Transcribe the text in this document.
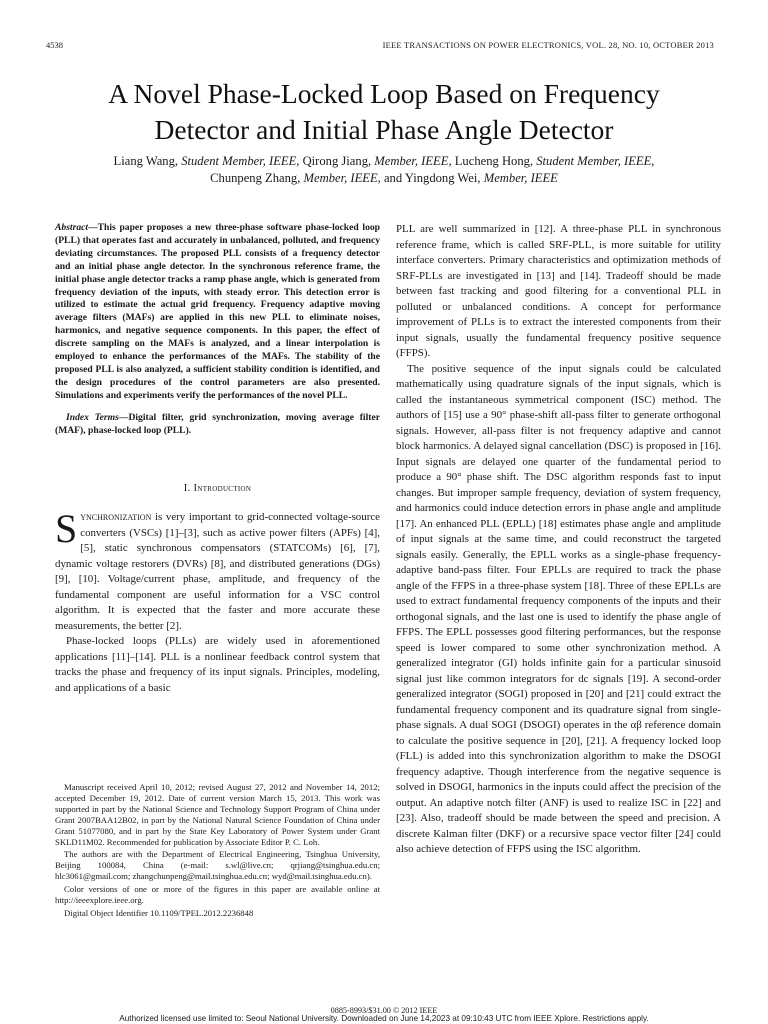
4538	IEEE TRANSACTIONS ON POWER ELECTRONICS, VOL. 28, NO. 10, OCTOBER 2013
A Novel Phase-Locked Loop Based on Frequency
Detector and Initial Phase Angle Detector
Liang Wang, Student Member, IEEE, Qirong Jiang, Member, IEEE, Lucheng Hong, Student Member, IEEE,
Chunpeng Zhang, Member, IEEE, and Yingdong Wei, Member, IEEE

Abstract—This paper proposes a new three-phase software phase-locked loop (PLL) that operates fast and accurately in unbalanced, polluted, and frequency deviating circumstances. The proposed PLL consists of a frequency detector and an initial phase angle detector. In the synchronous reference frame, the initial phase angle detector tracks a ramp phase angle, which is generated from frequency deviation of the inputs, with steady error. This detection error is utilized to estimate the actual grid frequency. Frequency adaptive moving average filters (MAFs) are applied in this new PLL to eliminate noises, harmonics, and negative sequence components. In this paper, the effect of discrete sampling on the MAFs is analyzed, and a linear interpolation is employed to enhance the performances of the MAFs. The stability of the proposed PLL is also analyzed, a sufficient stability condition is identified, and the design procedures of the control parameters are also presented. Simulations and experiments verify the performances of the novel PLL.

Index Terms—Digital filter, grid synchronization, moving average filter (MAF), phase-locked loop (PLL).

I. Introduction

Synchronization is very important to grid-connected voltage-source converters (VSCs) [1]–[3], such as active power filters (APFs) [4], [5], static synchronous compensators (STATCOMs) [6], [7], dynamic voltage restorers (DVRs) [8], and distributed generations (DGs) [9], [10]. Voltage/current phase, amplitude, and frequency of the fundamental component are useful information for a VSC control algorithm. It is expected that the faster and more accurate these measurements, the better [2].

Phase-locked loops (PLLs) are widely used in aforementioned applications [11]–[14]. PLL is a nonlinear feedback control system that tracks the phase and frequency of its input signals. Principles, modeling, and applications of a basic

Manuscript received April 10, 2012; revised August 27, 2012 and November 14, 2012; accepted December 19, 2012. Date of current version March 15, 2013. This work was supported in part by the National Science and Technology Support Program of China under Grant 2007BAA12B02, in part by the National Natural Science Foundation of China under Grant 51077080, and in part by the State Key Laboratory of Power System under Grant SKLD11M02. Recommended for publication by Associate Editor P. C. Loh.

The authors are with the Department of Electrical Engineering, Tsinghua University, Beijing 100084, China (e-mail: s.wl@live.cn; qrjiang@tsinghua.edu.cn; hlc3061@gmail.com; zhangchunpeng@mail.tsinghua.edu.cn; wyd@mail.tsinghua.edu.cn).

Color versions of one or more of the figures in this paper are available online at http://ieeexplore.ieee.org.

Digital Object Identifier 10.1109/TPEL.2012.2236848

PLL are well summarized in [12]. A three-phase PLL in synchronous reference frame, which is called SRF-PLL, is more suitable for utility interface converters. Primary characteristics and optimization methods of SRF-PLLs are investigated in [13] and [14]. Tradeoff should be made between fast tracking and good filtering for a conventional PLL in polluted or unbalanced conditions. A concept for performance improvement of PLLs is to extract the interested components from their input signals, usually the fundamental frequency positive sequence (FFPS).

The positive sequence of the input signals could be calculated mathematically using quadrature signals of the input signals, which is called the instantaneous symmetrical component (ISC) method. The authors of [15] use a 90° phase-shift all-pass filter to generate orthogonal signals. However, all-pass filter is not frequency adaptive and cannot block harmonics. A delayed signal cancellation (DSC) is proposed in [16]. Input signals are delayed one quarter of the fundamental period to produce a 90° phase shift. The DSC algorithm responds fast to input changes. But improper sample frequency, deviation of system frequency, and harmonics could induce detection errors in phase angle and amplitude [17]. An enhanced PLL (EPLL) [18] estimates phase angle and amplitude of input signals at the same time, and could reconstruct the targeted signals easily. Generally, the EPLL works as a single-phase frequency-adaptive band-pass filter. Four EPLLs are required to track the phase angle of the FFPS in a three-phase system [18]. Three of these EPLLs are used to extract fundamental frequency components of the inputs and their orthogonal signals, and the last one is used to identify the phase angle of FFPS. The EPLL possesses good filtering performances, but the response speed is lower compared to some other synchronization method. A generalized integrator (GI) holds infinite gain for a particular sinusoid signal just like common integrators for dc signals [19]. A second-order generalized integrator (SOGI) proposed in [20] and [21] could extract the fundamental frequency component and its quadrature signal from single-phase signals. A dual SOGI (DSOGI) operates in the αβ reference domain to calculate the positive sequence in [20], [21]. A frequency locked loop (FLL) is added into this synchronization algorithm to make the DSOGI frequency adaptive. Though interference from the negative sequence is solved in DSOGI, harmonics in the inputs could affect the precision of the output. An adaptive notch filter (ANF) is used to realize ISC in [22] and [23]. Also, tradeoff should be made between the speed and precision. A discrete Kalman filter (DKF) or a recursive space vector filter [24] could also achieve detection of FFPS using the ISC algorithm.

0885-8993/$31.00 © 2012 IEEE
Authorized licensed use limited to: Seoul National University. Downloaded on June 14,2023 at 09:10:43 UTC from IEEE Xplore. Restrictions apply.
